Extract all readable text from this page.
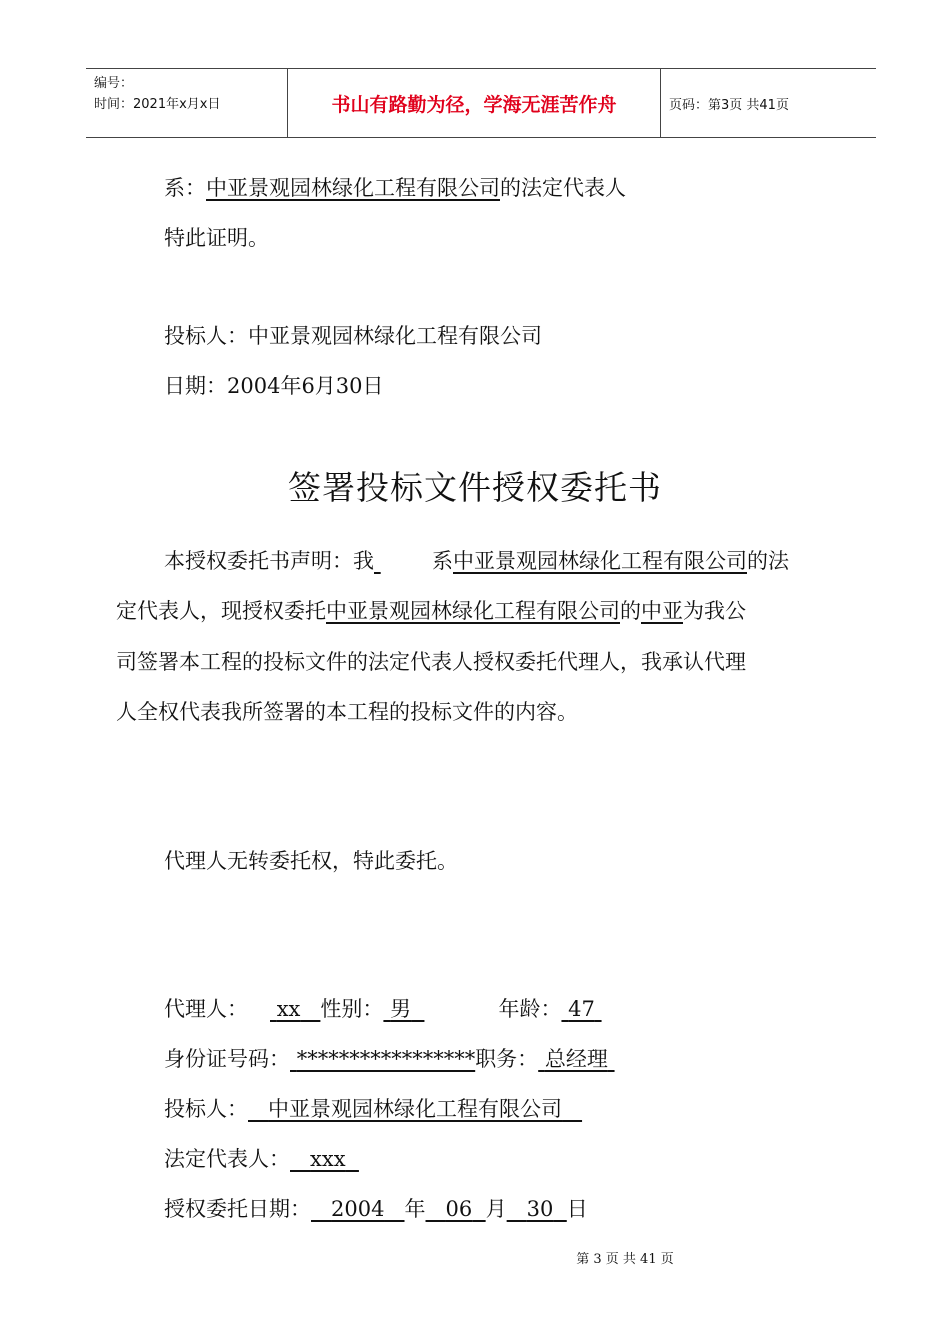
编号：
时间：2021年x月x日	书山有路勤为径，学海无涯苦作舟	页码：第3页 共41页
系：中亚景观园林绿化工程有限公司的法定代表人
特此证明。
投标人：中亚景观园林绿化工程有限公司
日期：2004年6月30日
签署投标文件授权委托书
本授权委托书声明：我	系中亚景观园林绿化工程有限公司的法
定代表人，现授权委托中亚景观园林绿化工程有限公司的中亚为我公
司签署本工程的投标文件的法定代表人授权委托代理人，我承认代理
人全权代表我所签署的本工程的投标文件的内容。
代理人无转委托权，特此委托。
代理人： xx 性别： 男	年龄： 47
身份证号码： *****************职务： 总经理
投标人： 中亚景观园林绿化工程有限公司
法定代表人： xxx
授权委托日期： 2004 年 06 月 30 日
第 3 页 共 41 页
